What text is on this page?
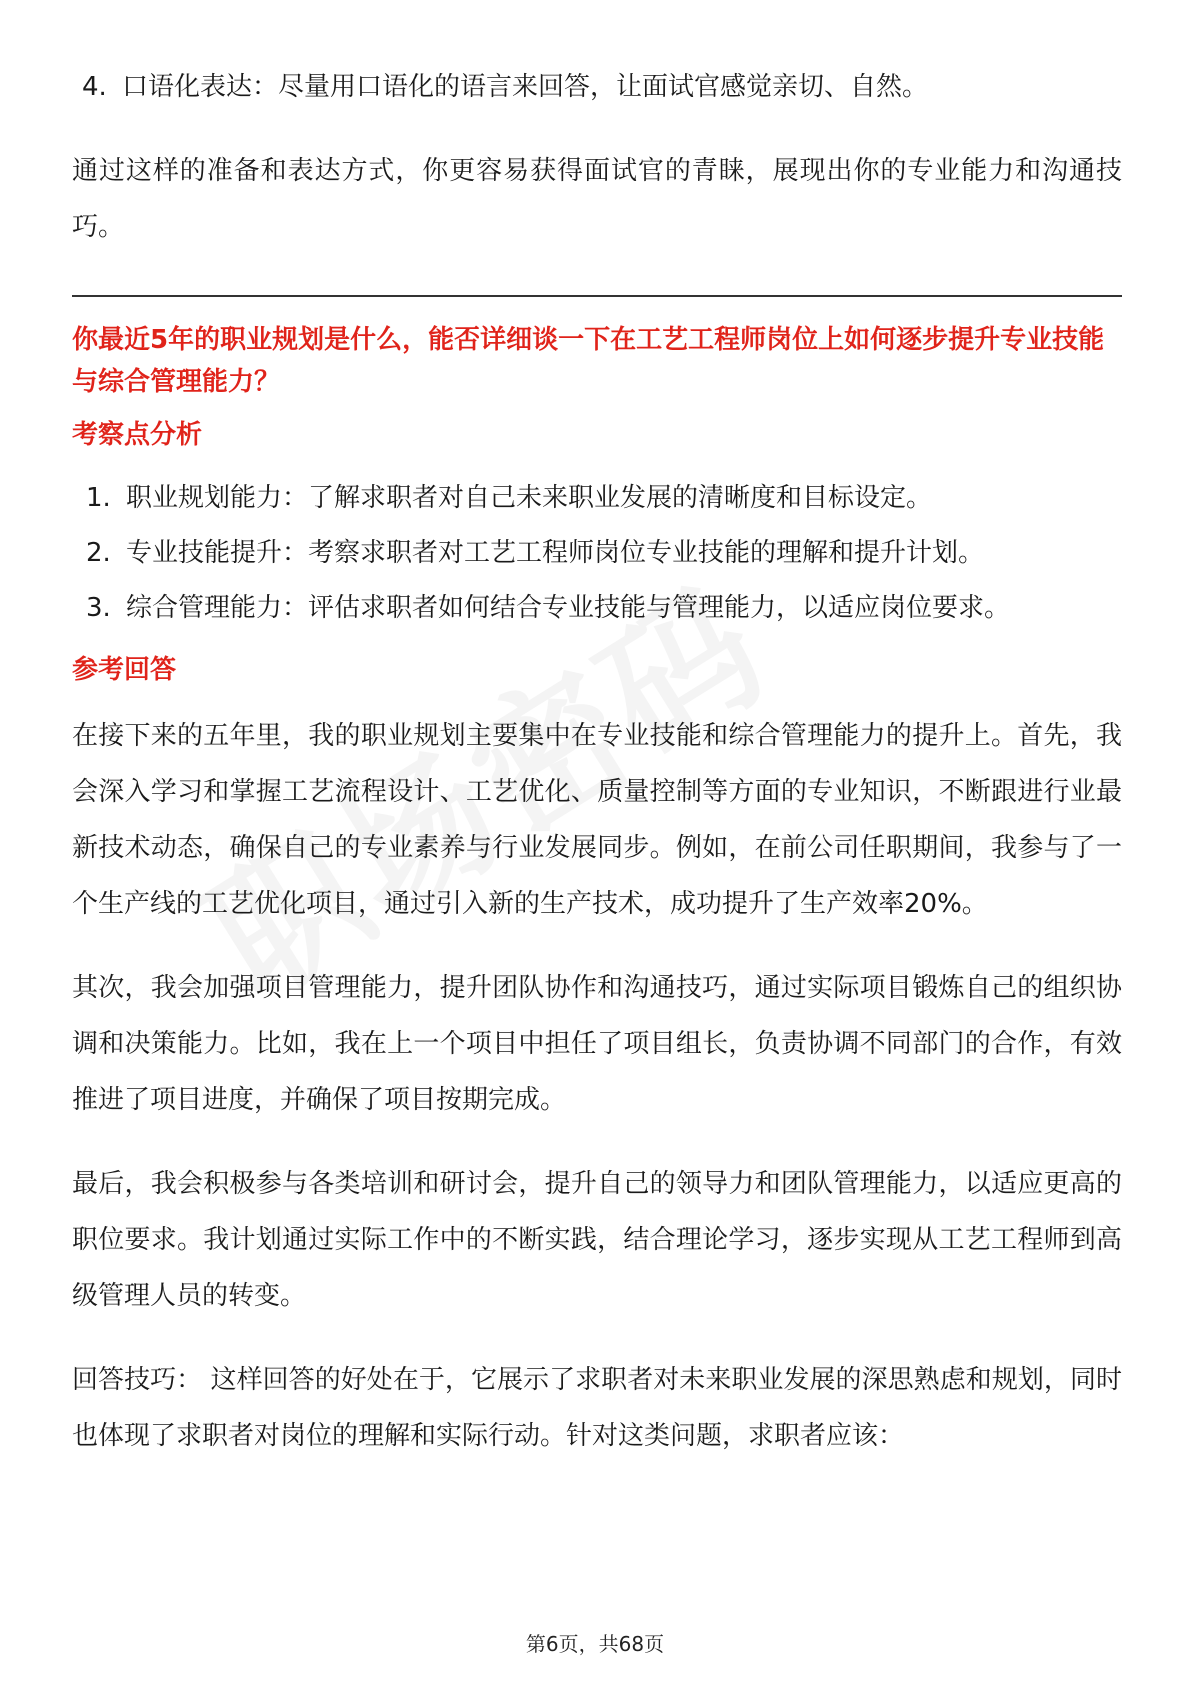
4. 口语化表达：尽量用口语化的语言来回答，让面试官感觉亲切、自然。

通过这样的准备和表达方式，你更容易获得面试官的青睐，展现出你的专业能力和沟通技巧。

你最近5年的职业规划是什么，能否详细谈一下在工艺工程师岗位上如何逐步提升专业技能与综合管理能力？

考察点分析

1. 职业规划能力：了解求职者对自己未来职业发展的清晰度和目标设定。
2. 专业技能提升：考察求职者对工艺工程师岗位专业技能的理解和提升计划。
3. 综合管理能力：评估求职者如何结合专业技能与管理能力，以适应岗位要求。

参考回答

在接下来的五年里，我的职业规划主要集中在专业技能和综合管理能力的提升上。首先，我会深入学习和掌握工艺流程设计、工艺优化、质量控制等方面的专业知识，不断跟进行业最新技术动态，确保自己的专业素养与行业发展同步。例如，在前公司任职期间，我参与了一个生产线的工艺优化项目，通过引入新的生产技术，成功提升了生产效率20%。

其次，我会加强项目管理能力，提升团队协作和沟通技巧，通过实际项目锻炼自己的组织协调和决策能力。比如，我在上一个项目中担任了项目组长，负责协调不同部门的合作，有效推进了项目进度，并确保了项目按期完成。

最后，我会积极参与各类培训和研讨会，提升自己的领导力和团队管理能力，以适应更高的职位要求。我计划通过实际工作中的不断实践，结合理论学习，逐步实现从工艺工程师到高级管理人员的转变。

回答技巧： 这样回答的好处在于，它展示了求职者对未来职业发展的深思熟虑和规划，同时也体现了求职者对岗位的理解和实际行动。针对这类问题，求职者应该：

第6页，共68页
